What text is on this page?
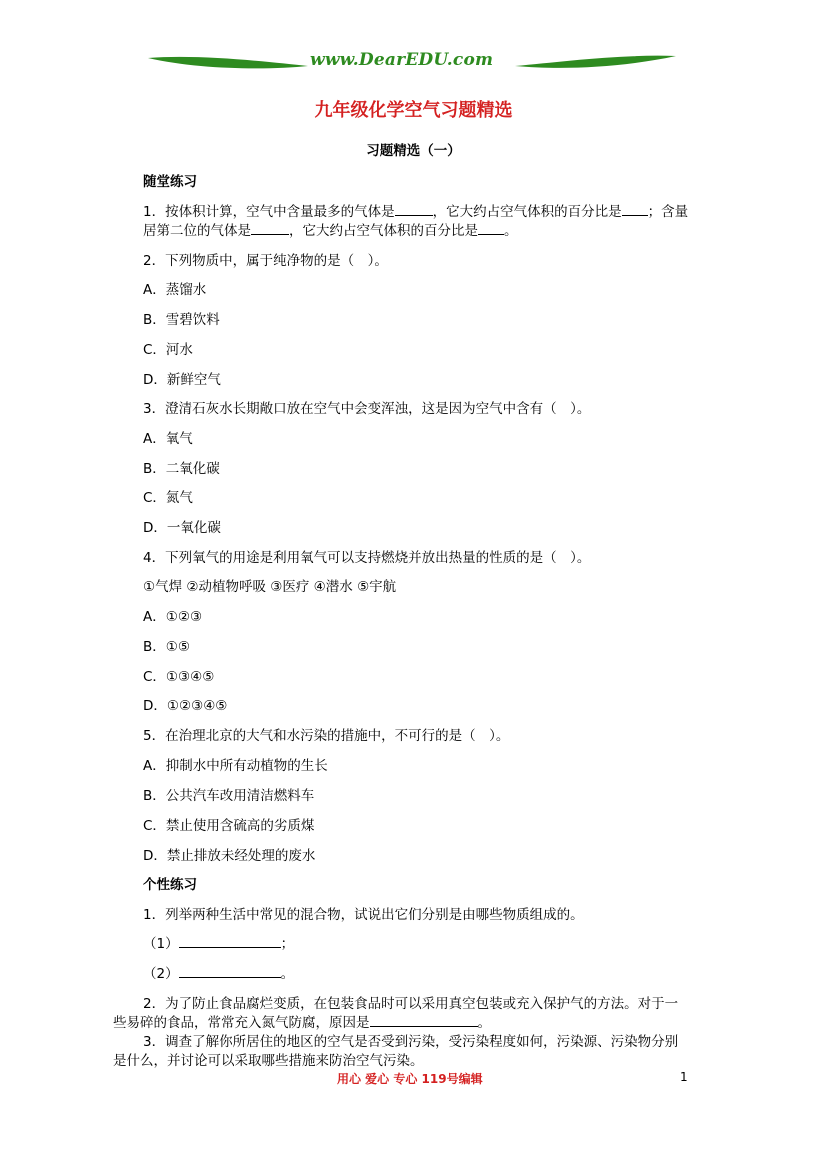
www.DearEDU.com
九年级化学空气习题精选
习题精选（一）
随堂练习
1．按体积计算，空气中含量最多的气体是	，它大约占空气体积的百分比是 ；含量
居第二位的气体是	，它大约占空气体积的百分比是 。
2．下列物质中，属于纯净物的是（　）。
A．蒸馏水
B．雪碧饮料
C．河水
D．新鲜空气
3．澄清石灰水长期敞口放在空气中会变浑浊，这是因为空气中含有（　）。
A．氧气
B．二氧化碳
C．氮气
D．一氧化碳
4．下列氧气的用途是利用氧气可以支持燃烧并放出热量的性质的是（　）。
①气焊 ②动植物呼吸 ③医疗 ④潜水 ⑤宇航
A．①②③
B．①⑤
C．①③④⑤
D．①②③④⑤
5．在治理北京的大气和水污染的措施中，不可行的是（　）。
A．抑制水中所有动植物的生长
B．公共汽车改用清洁燃料车
C．禁止使用含硫高的劣质煤
D．禁止排放未经处理的废水
个性练习
1．列举两种生活中常见的混合物，试说出它们分别是由哪些物质组成的。
（1）	；
（2）	。
2．为了防止食品腐烂变质，在包装食品时可以采用真空包装或充入保护气的方法。对于一
些易碎的食品，常常充入氮气防腐，原因是	。
3．调查了解你所居住的地区的空气是否受到污染，受污染程度如何，污染源、污染物分别
是什么，并讨论可以采取哪些措施来防治空气污染。
用心 爱心 专心 119号编辑	1
